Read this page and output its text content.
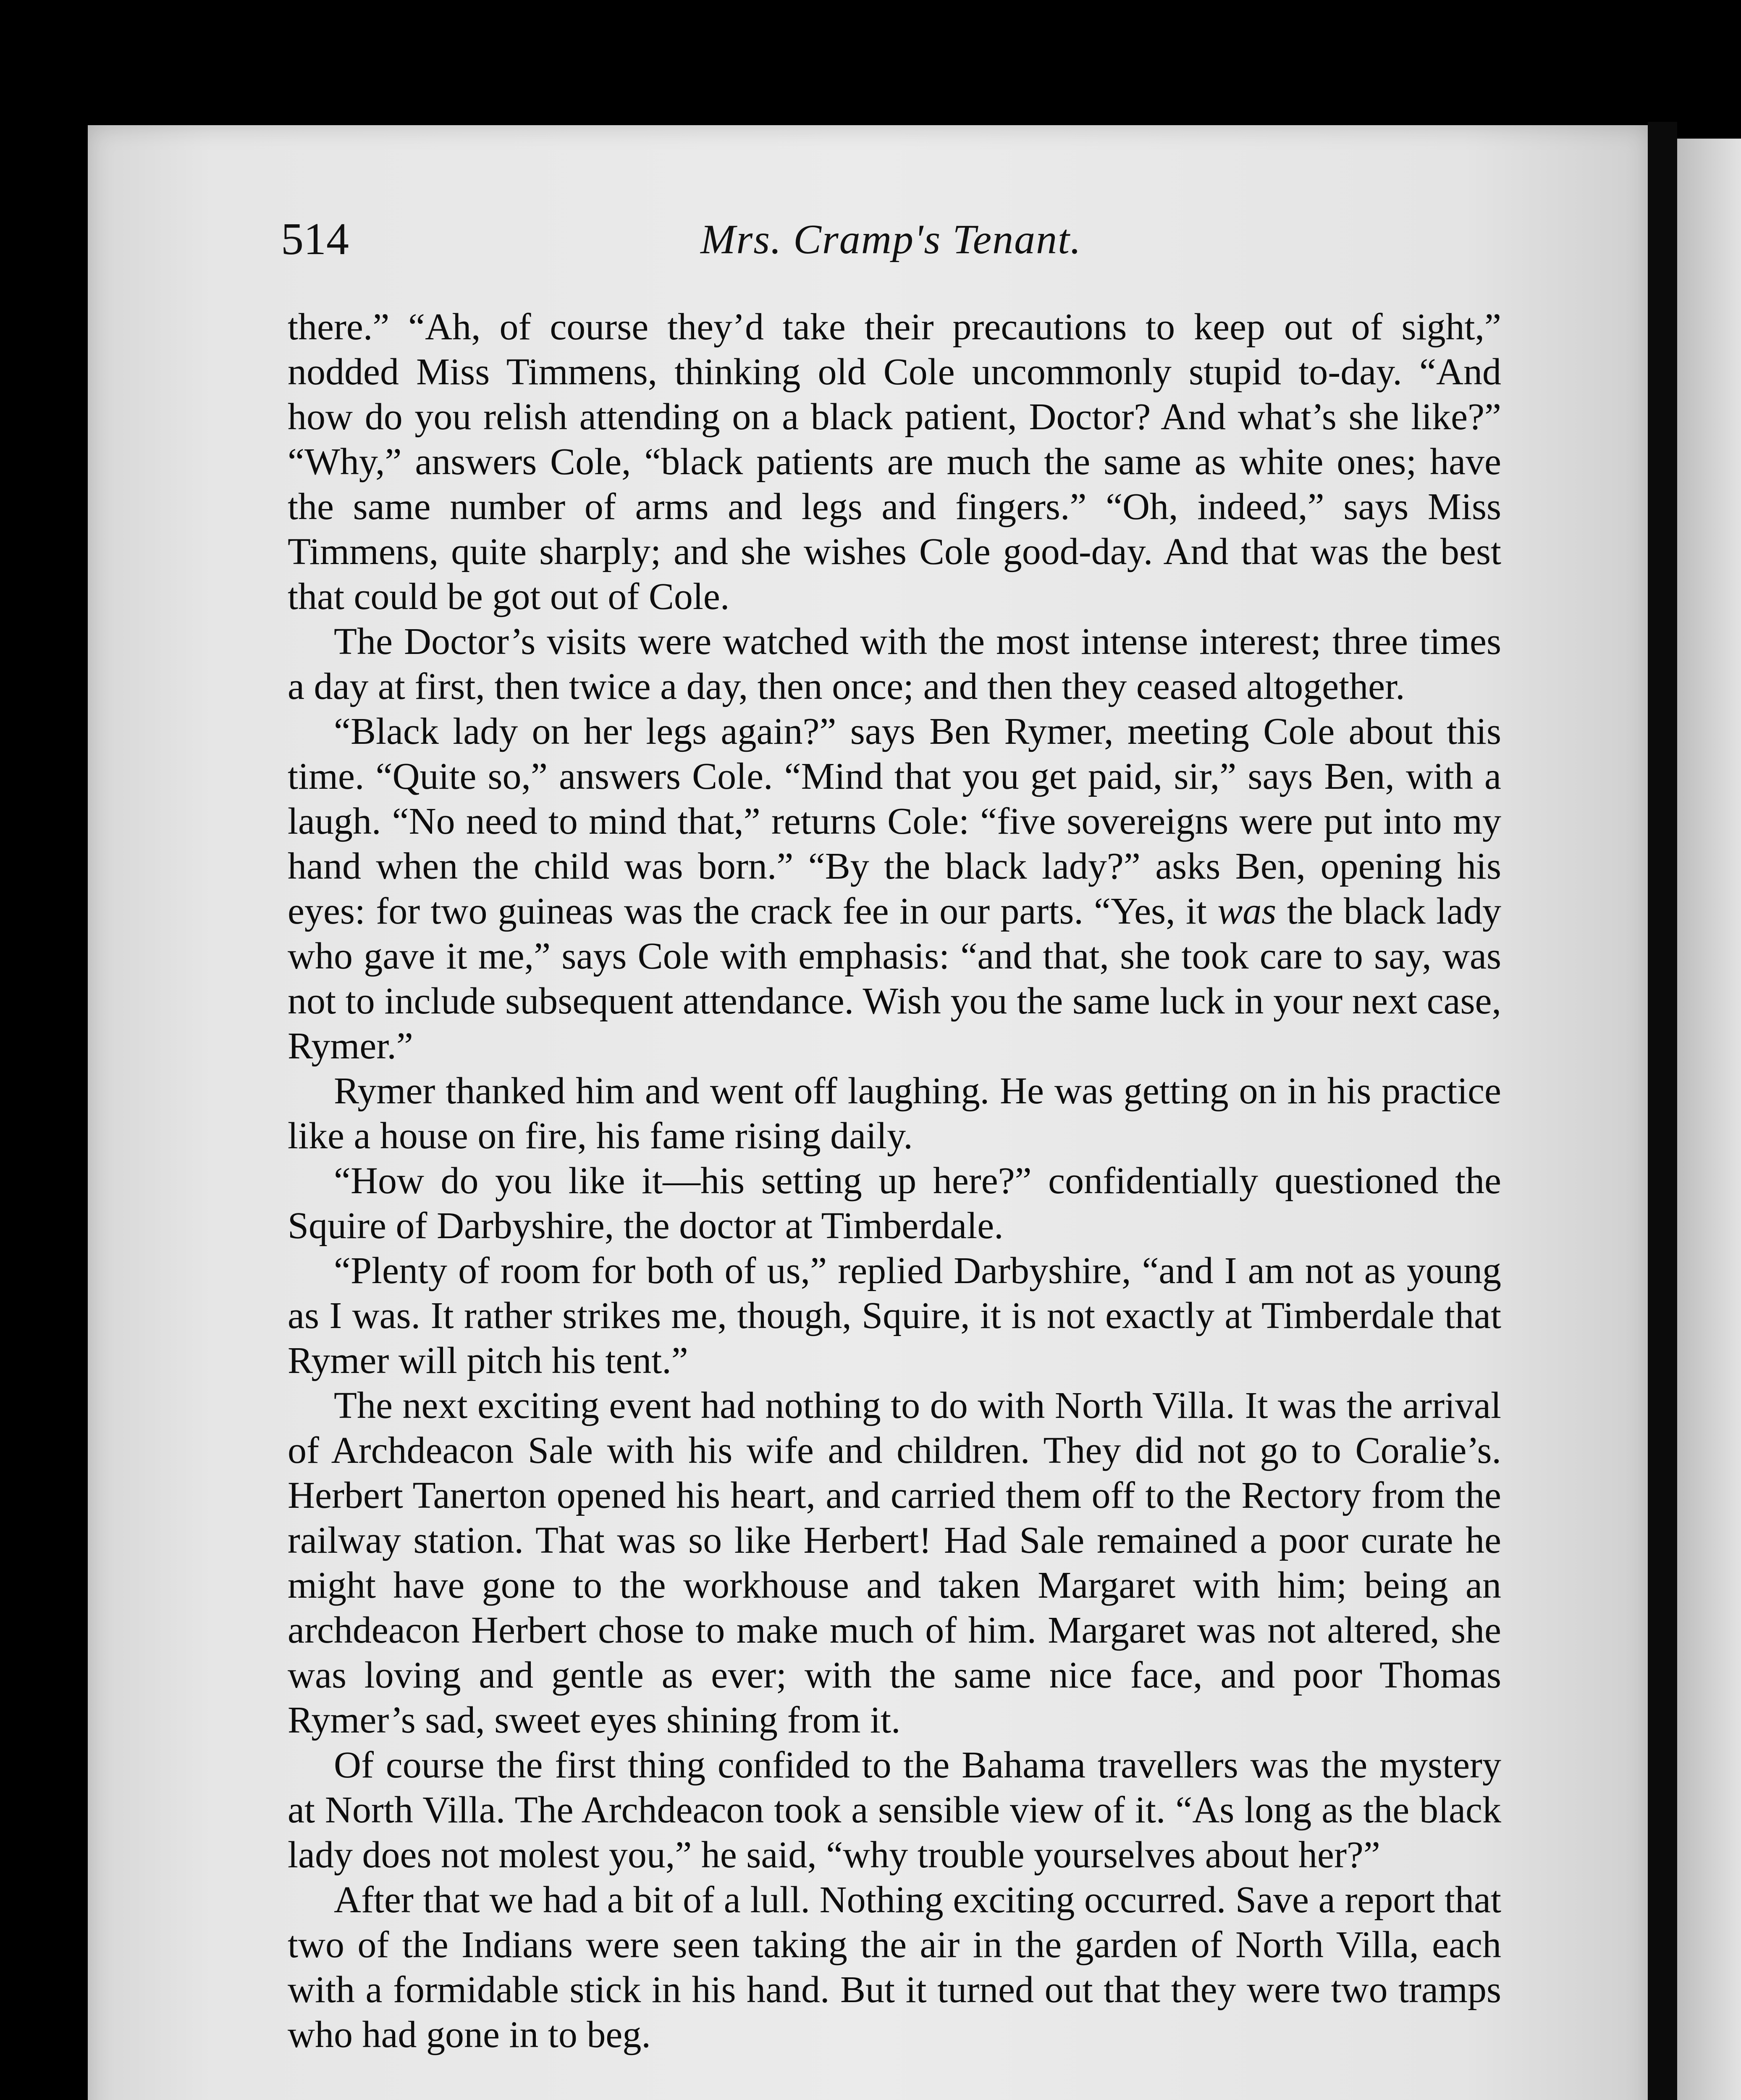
514	Mrs. Cramp's Tenant.

there.” “Ah, of course they’d take their precautions to keep out of sight,” nodded Miss Timmens, thinking old Cole uncommonly stupid to-day. “And how do you relish attending on a black patient, Doctor? And what’s she like?” “Why,” answers Cole, “black patients are much the same as white ones; have the same number of arms and legs and fingers.” “Oh, indeed,” says Miss Timmens, quite sharply; and she wishes Cole good-day. And that was the best that could be got out of Cole.

The Doctor’s visits were watched with the most intense interest; three times a day at first, then twice a day, then once; and then they ceased altogether.

“Black lady on her legs again?” says Ben Rymer, meeting Cole about this time. “Quite so,” answers Cole. “Mind that you get paid, sir,” says Ben, with a laugh. “No need to mind that,” returns Cole: “five sovereigns were put into my hand when the child was born.” “By the black lady?” asks Ben, opening his eyes: for two guineas was the crack fee in our parts. “Yes, it was the black lady who gave it me,” says Cole with emphasis: “and that, she took care to say, was not to include subsequent attendance. Wish you the same luck in your next case, Rymer.”

Rymer thanked him and went off laughing. He was getting on in his practice like a house on fire, his fame rising daily.

“How do you like it—his setting up here?” confidentially questioned the Squire of Darbyshire, the doctor at Timberdale.

“Plenty of room for both of us,” replied Darbyshire, “and I am not as young as I was. It rather strikes me, though, Squire, it is not exactly at Timberdale that Rymer will pitch his tent.”

The next exciting event had nothing to do with North Villa. It was the arrival of Archdeacon Sale with his wife and children. They did not go to Coralie’s. Herbert Tanerton opened his heart, and carried them off to the Rectory from the railway station. That was so like Herbert! Had Sale remained a poor curate he might have gone to the workhouse and taken Margaret with him; being an archdeacon Herbert chose to make much of him. Margaret was not altered, she was loving and gentle as ever; with the same nice face, and poor Thomas Rymer’s sad, sweet eyes shining from it.

Of course the first thing confided to the Bahama travellers was the mystery at North Villa. The Archdeacon took a sensible view of it. “As long as the black lady does not molest you,” he said, “why trouble yourselves about her?”

After that we had a bit of a lull. Nothing exciting occurred. Save a report that two of the Indians were seen taking the air in the garden of North Villa, each with a formidable stick in his hand. But it turned out that they were two tramps who had gone in to beg.
